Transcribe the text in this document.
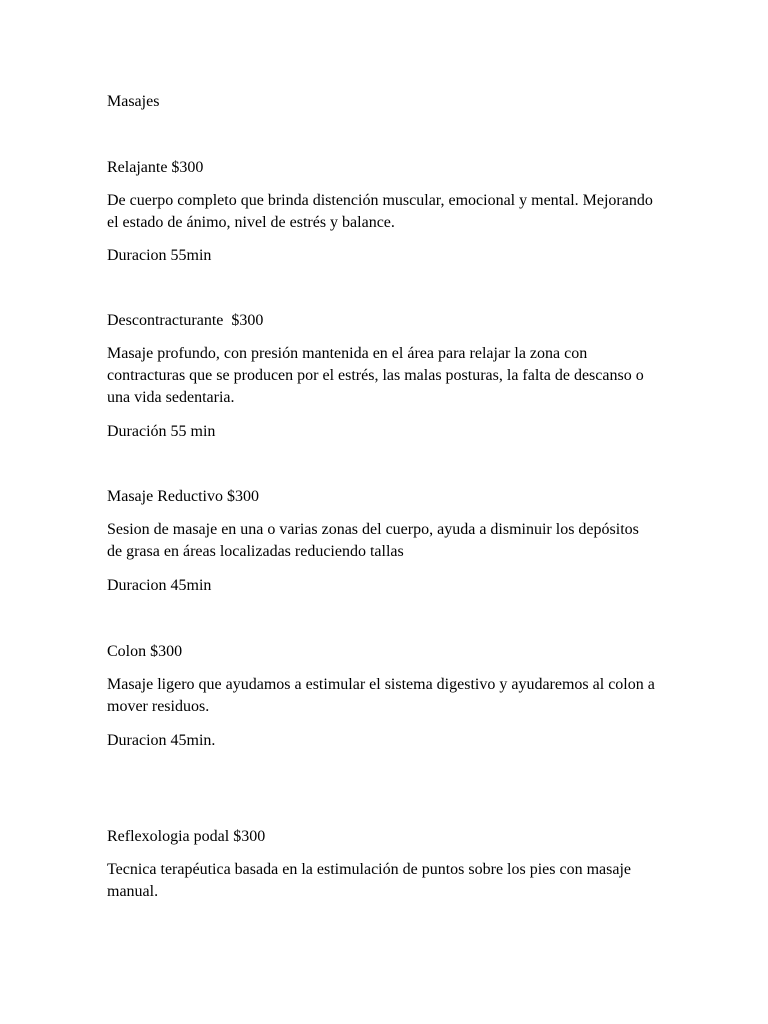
Masajes

Relajante $300

De cuerpo completo que brinda distención muscular, emocional y mental. Mejorando el estado de ánimo, nivel de estrés y balance.

Duracion 55min

Descontracturante  $300

Masaje profundo, con presión mantenida en el área para relajar la zona con contracturas que se producen por el estrés, las malas posturas, la falta de descanso o una vida sedentaria.

Duración 55 min

Masaje Reductivo $300

Sesion de masaje en una o varias zonas del cuerpo, ayuda a disminuir los depósitos de grasa en áreas localizadas reduciendo tallas

Duracion 45min

Colon $300

Masaje ligero que ayudamos a estimular el sistema digestivo y ayudaremos al colon a mover residuos.

Duracion 45min.

Reflexologia podal $300

Tecnica terapéutica basada en la estimulación de puntos sobre los pies con masaje manual.
